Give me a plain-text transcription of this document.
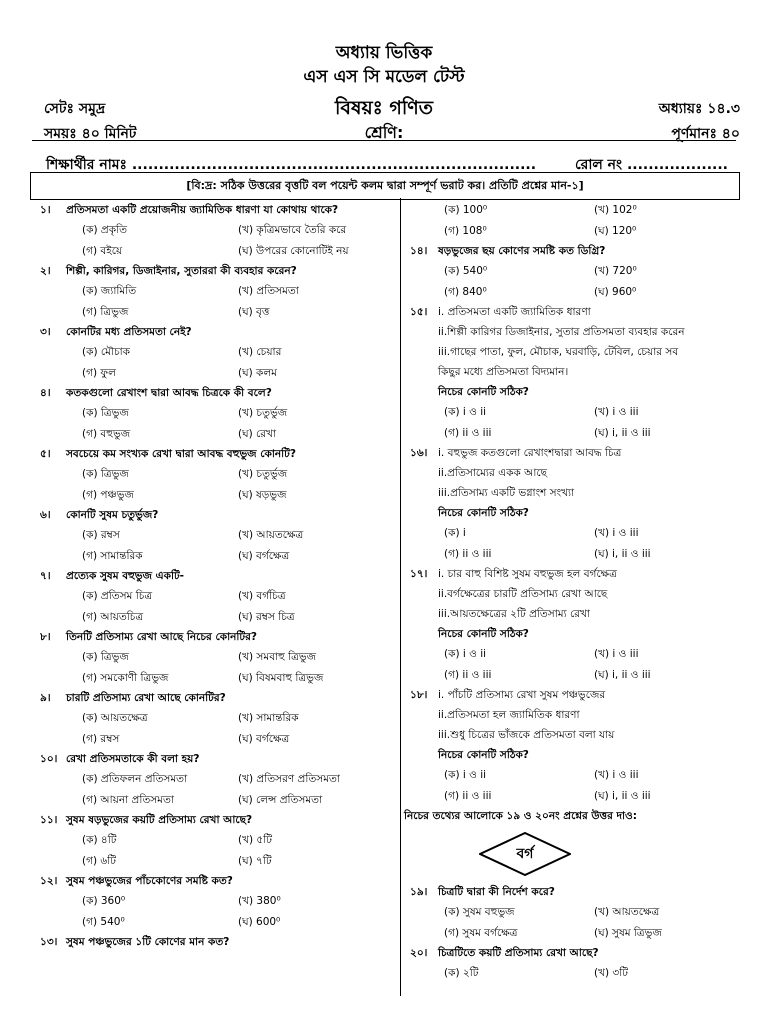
অধ্যায় ভিত্তিক
এস এস সি মডেল টেস্ট
সেটঃ সমুদ্র	বিষয়ঃ গণিত	অধ্যায়ঃ ১৪.৩
সময়ঃ ৪০ মিনিট	শ্রেণি:	পূর্ণমানঃ ৪০
শিক্ষার্থীর নামঃ ............................................................................	রোল নং ...................
[বি:দ্র: সঠিক উত্তরের বৃত্তটি বল পয়েন্ট কলম দ্বারা সম্পূর্ণ ভরাট কর। প্রতিটি প্রশ্নের মান-১]
১।	প্রতিসমতা একটি প্রয়োজনীয় জ্যামিতিক ধারণা যা কোথায় থাকে?
(ক) প্রকৃতি	(খ) কৃত্রিমভাবে তৈরি করে
(গ) বইয়ে	(ঘ) উপরের কোনোটিই নয়
২।	শিল্পী, কারিগর, ডিজাইনার, সুতাররা কী ব্যবহার করেন?
(ক) জ্যামিতি	(খ) প্রতিসমতা
(গ) ত্রিভুজ	(ঘ) বৃত্ত
৩।	কোনটির মধ্য প্রতিসমতা নেই?
(ক) মৌচাক	(খ) চেয়ার
(গ) ফুল	(ঘ) কলম
৪।	কতকগুলো রেখাংশ দ্বারা আবদ্ধ চিত্রকে কী বলে?
(ক) ত্রিভুজ	(খ) চতুর্ভুজ
(গ) বহুভুজ	(ঘ) রেখা
৫।	সবচেয়ে কম সংখ্যক রেখা দ্বারা আবদ্ধ বহুভুজ কোনটি?
(ক) ত্রিভুজ	(খ) চতুর্ভুজ
(গ) পঞ্চভুজ	(ঘ) ষড়ভুজ
৬।	কোনটি সুষম চতুর্ভুজ?
(ক) রম্বস	(খ) আয়তক্ষেত্র
(গ) সামান্তরিক	(ঘ) বর্গক্ষেত্র
৭।	প্রত্যেক সুষম বহুভুজ একটি-
(ক) প্রতিসম চিত্র	(খ) বর্গচিত্র
(গ) আয়তচিত্র	(ঘ) রম্বস চিত্র
৮।	তিনটি প্রতিসাম্য রেখা আছে নিচের কোনটির?
(ক) ত্রিভুজ	(খ) সমবাহু ত্রিভুজ
(গ) সমকোণী ত্রিভুজ	(ঘ) বিষমবাহু ত্রিভুজ
৯।	চারটি প্রতিসাম্য রেখা আছে কোনটির?
(ক) আয়তক্ষেত্র	(খ) সামান্তরিক
(গ) রম্বস	(ঘ) বর্গক্ষেত্র
১০। রেখা প্রতিসমতাকে কী বলা হয়?
(ক) প্রতিফলন প্রতিসমতা	(খ) প্রতিসরণ প্রতিসমতা
(গ) আয়না প্রতিসমতা	(ঘ) লেন্স প্রতিসমতা
১১। সুষম ষড়ভুজের কয়টি প্রতিসাম্য রেখা আছে?
(ক) ৪টি	(খ) ৫টি
(গ) ৬টি	(ঘ) ৭টি
১২। সুষম পঞ্চভুজের পাঁচকোণের সমষ্টি কত?
(ক) 360⁰	(খ) 380⁰
(গ) 540⁰	(ঘ) 600⁰
১৩। সুষম পঞ্চভুজের ১টি কোণের মান কত?
(ক) 100⁰	(খ) 102⁰
(গ) 108⁰	(ঘ) 120⁰
১৪।	ষড়ভুজের ছয় কোণের সমষ্টি কত ডিগ্রি?
(ক) 540⁰	(খ) 720⁰
(গ) 840⁰	(ঘ) 960⁰
১৫।	i. প্রতিসমতা একটি জ্যামিতিক ধারণা
ii.শিল্পী কারিগর ডিজাইনার, সুতার প্রতিসমতা ব্যবহার করেন
iii.গাছের পাতা, ফুল, মৌচাক, ঘরবাড়ি, টেবিল, চেয়ার সব
কিছুর মধ্যে প্রতিসমতা বিদ্যমান।
নিচের কোনটি সঠিক?
(ক) i ও ii	(খ) i ও iii
(গ) ii ও iii	(ঘ) i, ii ও iii
১৬।	i. বহুভুজ কতগুলো রেখাংশদ্বারা আবদ্ধ চিত্র
ii.প্রতিসাম্যের একক আছে
iii.প্রতিসাম্য একটি ভগ্নাংশ সংখ্যা
নিচের কোনটি সঠিক?
(ক) i	(খ) i ও iii
(গ) ii ও iii	(ঘ) i, ii ও iii
১৭।	i. চার বাহু বিশিষ্ট সুষম বহুভুজ হল বর্গক্ষেত্র
ii.বর্গক্ষেত্রের চারটি প্রতিসাম্য রেখা আছে
iii.আয়তক্ষেত্রের ২টি প্রতিসাম্য রেখা
নিচের কোনটি সঠিক?
(ক) i ও ii	(খ) i ও iii
(গ) ii ও iii	(ঘ) i, ii ও iii
১৮।	i. পাঁচটি প্রতিসাম্য রেখা সুষম পঞ্চভুজের
ii.প্রতিসমতা হল জ্যামিতিক ধারণা
iii.শুধু চিত্রের ভাঁজকে প্রতিসমতা বলা যায়
নিচের কোনটি সঠিক?
(ক) i ও ii	(খ) i ও iii
(গ) ii ও iii	(ঘ) i, ii ও iii
নিচের তথ্যের আলোকে ১৯ ও ২০নং প্রশ্নের উত্তর দাও:
বর্গ
১৯।	চিত্রটি দ্বারা কী নির্দেশ করে?
(ক) সুষম বহুভুজ	(খ) আয়তক্ষেত্র
(গ) সুষম বর্গক্ষেত্র	(ঘ) সুষম ত্রিভুজ
২০।	চিত্রটিতে কয়টি প্রতিসাম্য রেখা আছে?
(ক) ২টি	(খ) ৩টি
